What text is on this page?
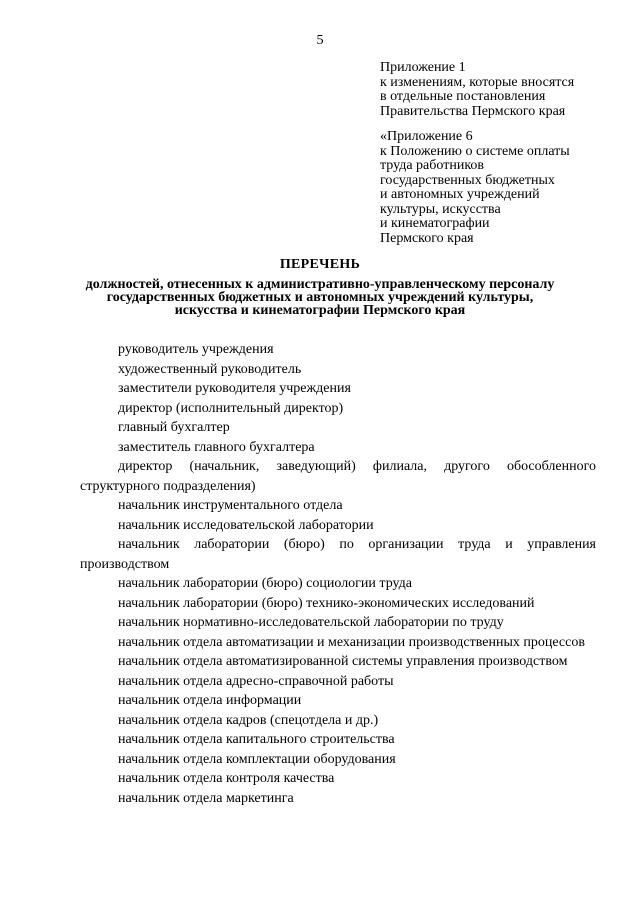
5
Приложение 1
к изменениям, которые вносятся
в отдельные постановления
Правительства Пермского края
«Приложение 6
к Положению о системе оплаты
труда работников
государственных бюджетных
и автономных учреждений
культуры, искусства
и кинематографии
Пермского края
ПЕРЕЧЕНЬ
должностей, отнесенных к административно-управленческому персоналу
государственных бюджетных и автономных учреждений культуры,
искусства и кинематографии Пермского края
руководитель учреждения
художественный руководитель
заместители руководителя учреждения
директор (исполнительный директор)
главный бухгалтер
заместитель главного бухгалтера
директор (начальник, заведующий) филиала, другого обособленного структурного подразделения)
начальник инструментального отдела
начальник исследовательской лаборатории
начальник лаборатории (бюро) по организации труда и управления производством
начальник лаборатории (бюро) социологии труда
начальник лаборатории (бюро) технико-экономических исследований
начальник нормативно-исследовательской лаборатории по труду
начальник отдела автоматизации и механизации производственных процессов
начальник отдела автоматизированной системы управления производством
начальник отдела адресно-справочной работы
начальник отдела информации
начальник отдела кадров (спецотдела и др.)
начальник отдела капитального строительства
начальник отдела комплектации оборудования
начальник отдела контроля качества
начальник отдела маркетинга
